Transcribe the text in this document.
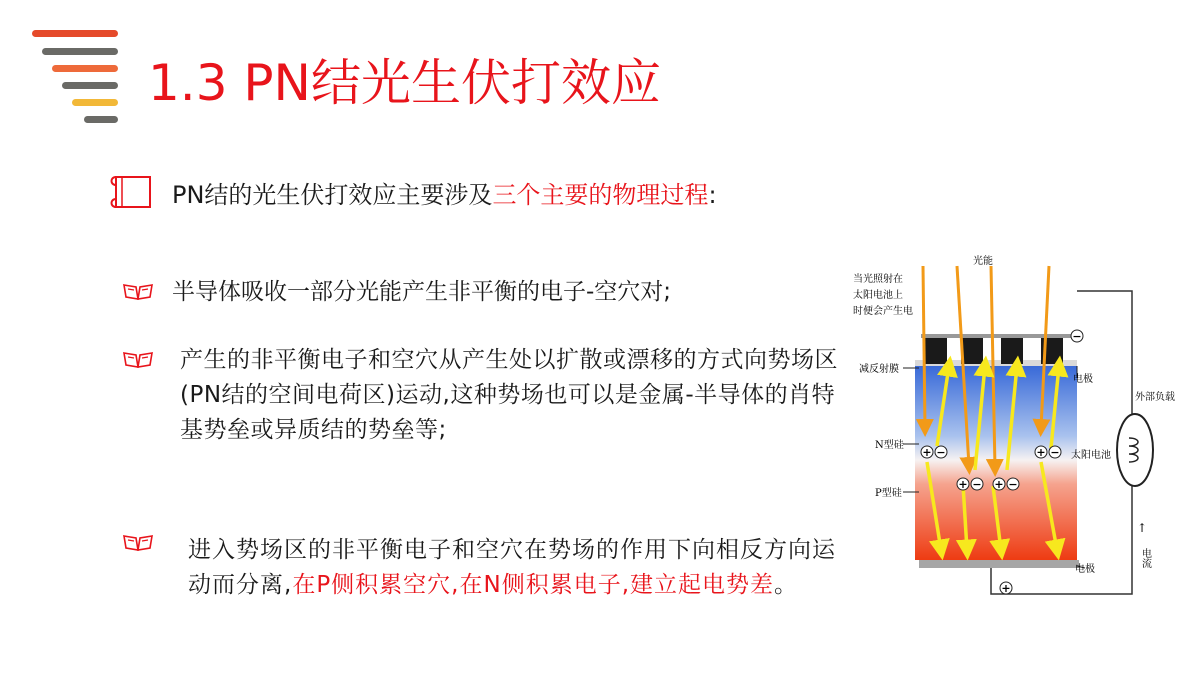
1.3 PN结光生伏打效应
PN结的光生伏打效应主要涉及三个主要的物理过程:
半导体吸收一部分光能产生非平衡的电子-空穴对;
产生的非平衡电子和空穴从产生处以扩散或漂移的方式向势场区(PN结的空间电荷区)运动,这种势场也可以是金属-半导体的肖特基势垒或异质结的势垒等;
进入势场区的非平衡电子和空穴在势场的作用下向相反方向运动而分离,在P侧积累空穴,在N侧积累电子,建立起电势差。
+ −
+ − + −
+ −
−
+
光能
当光照射在
太阳电池上
时便会产生电
减反射膜
电极
N型硅
P型硅
太阳电池
电极
外部负载
↑
电流
